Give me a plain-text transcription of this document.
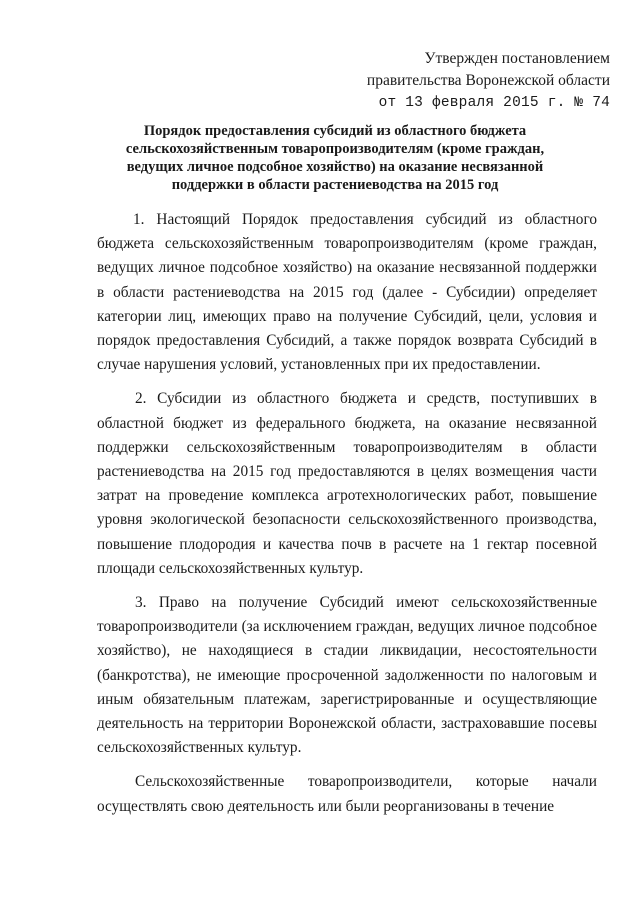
Утвержден постановлением
правительства Воронежской области
от 13 февраля 2015 г. № 74
Порядок предоставления субсидий из областного бюджета сельскохозяйственным товаропроизводителям (кроме граждан, ведущих личное подсобное хозяйство) на оказание несвязанной поддержки в области растениеводства на 2015 год

1. Настоящий Порядок предоставления субсидий из областного бюджета сельскохозяйственным товаропроизводителям (кроме граждан, ведущих личное подсобное хозяйство) на оказание несвязанной поддержки в области растениеводства на 2015 год (далее - Субсидии) определяет категории лиц, имеющих право на получение Субсидий, цели, условия и порядок предоставления Субсидий, а также порядок возврата Субсидий в случае нарушения условий, установленных при их предоставлении.

2. Субсидии из областного бюджета и средств, поступивших в областной бюджет из федерального бюджета, на оказание несвязанной поддержки сельскохозяйственным товаропроизводителям в области растениеводства на 2015 год предоставляются в целях возмещения части затрат на проведение комплекса агротехнологических работ, повышение уровня экологической безопасности сельскохозяйственного производства, повышение плодородия и качества почв в расчете на 1 гектар посевной площади сельскохозяйственных культур.

3. Право на получение Субсидий имеют сельскохозяйственные товаропроизводители (за исключением граждан, ведущих личное подсобное хозяйство), не находящиеся в стадии ликвидации, несостоятельности (банкротства), не имеющие просроченной задолженности по налоговым и иным обязательным платежам, зарегистрированные и осуществляющие деятельность на территории Воронежской области, застраховавшие посевы сельскохозяйственных культур.

Сельскохозяйственные товаропроизводители, которые начали осуществлять свою деятельность или были реорганизованы в течение
